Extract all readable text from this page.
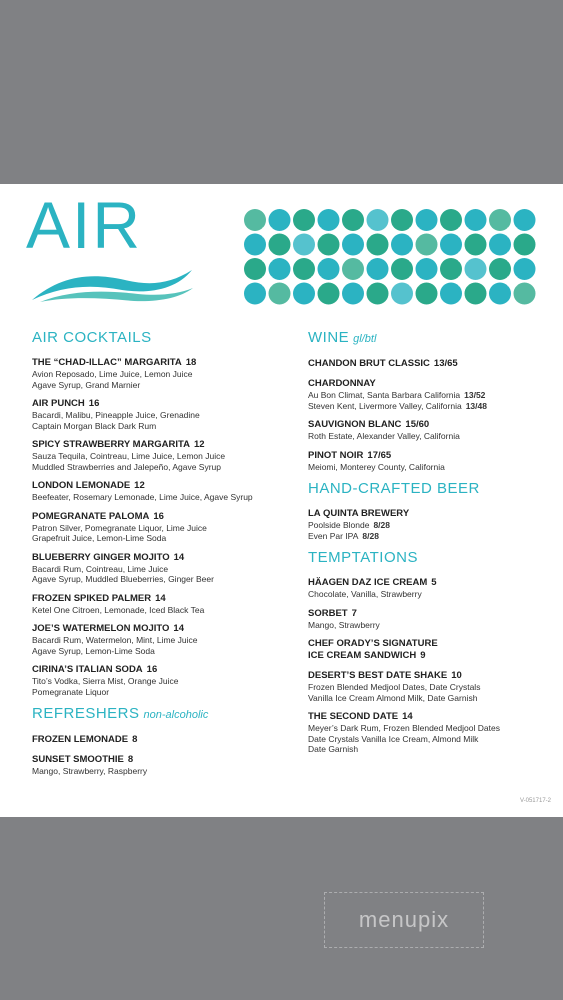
AIR
AIR COCKTAILS
THE “CHAD-ILLAC” MARGARITA 18
Avion Reposado, Lime Juice, Lemon Juice
Agave Syrup, Grand Marnier
AIR PUNCH 16
Bacardi, Malibu, Pineapple Juice, Grenadine
Captain Morgan Black Dark Rum
SPICY STRAWBERRY MARGARITA 12
Sauza Tequila, Cointreau, Lime Juice, Lemon Juice
Muddled Strawberries and Jalepeño, Agave Syrup
LONDON LEMONADE 12
Beefeater, Rosemary Lemonade, Lime Juice, Agave Syrup
POMEGRANATE PALOMA 16
Patron Silver, Pomegranate Liquor, Lime Juice
Grapefruit Juice, Lemon-Lime Soda
BLUEBERRY GINGER MOJITO 14
Bacardi Rum, Cointreau, Lime Juice
Agave Syrup, Muddled Blueberries, Ginger Beer
FROZEN SPIKED PALMER 14
Ketel One Citroen, Lemonade, Iced Black Tea
JOE’S WATERMELON MOJITO 14
Bacardi Rum, Watermelon, Mint, Lime Juice
Agave Syrup, Lemon-Lime Soda
CIRINA’S ITALIAN SODA 16
Tito’s Vodka, Sierra Mist, Orange Juice
Pomegranate Liquor
REFRESHERS non-alcoholic
FROZEN LEMONADE 8
SUNSET SMOOTHIE 8
Mango, Strawberry, Raspberry
WINE gl/btl
CHANDON BRUT CLASSIC 13/65
CHARDONNAY
Au Bon Climat, Santa Barbara California 13/52
Steven Kent, Livermore Valley, California 13/48
SAUVIGNON BLANC 15/60
Roth Estate, Alexander Valley, California
PINOT NOIR 17/65
Meiomi, Monterey County, California
HAND-CRAFTED BEER
LA QUINTA BREWERY
Poolside Blonde 8/28
Even Par IPA 8/28
TEMPTATIONS
HÄAGEN DAZ ICE CREAM 5
Chocolate, Vanilla, Strawberry
SORBET 7
Mango, Strawberry
CHEF ORADY’S SIGNATURE
ICE CREAM SANDWICH 9
DESERT’S BEST DATE SHAKE 10
Frozen Blended Medjool Dates, Date Crystals
Vanilla Ice Cream Almond Milk, Date Garnish
THE SECOND DATE 14
Meyer’s Dark Rum, Frozen Blended Medjool Dates
Date Crystals Vanilla Ice Cream, Almond Milk
Date Garnish
V-051717-2
menupix
